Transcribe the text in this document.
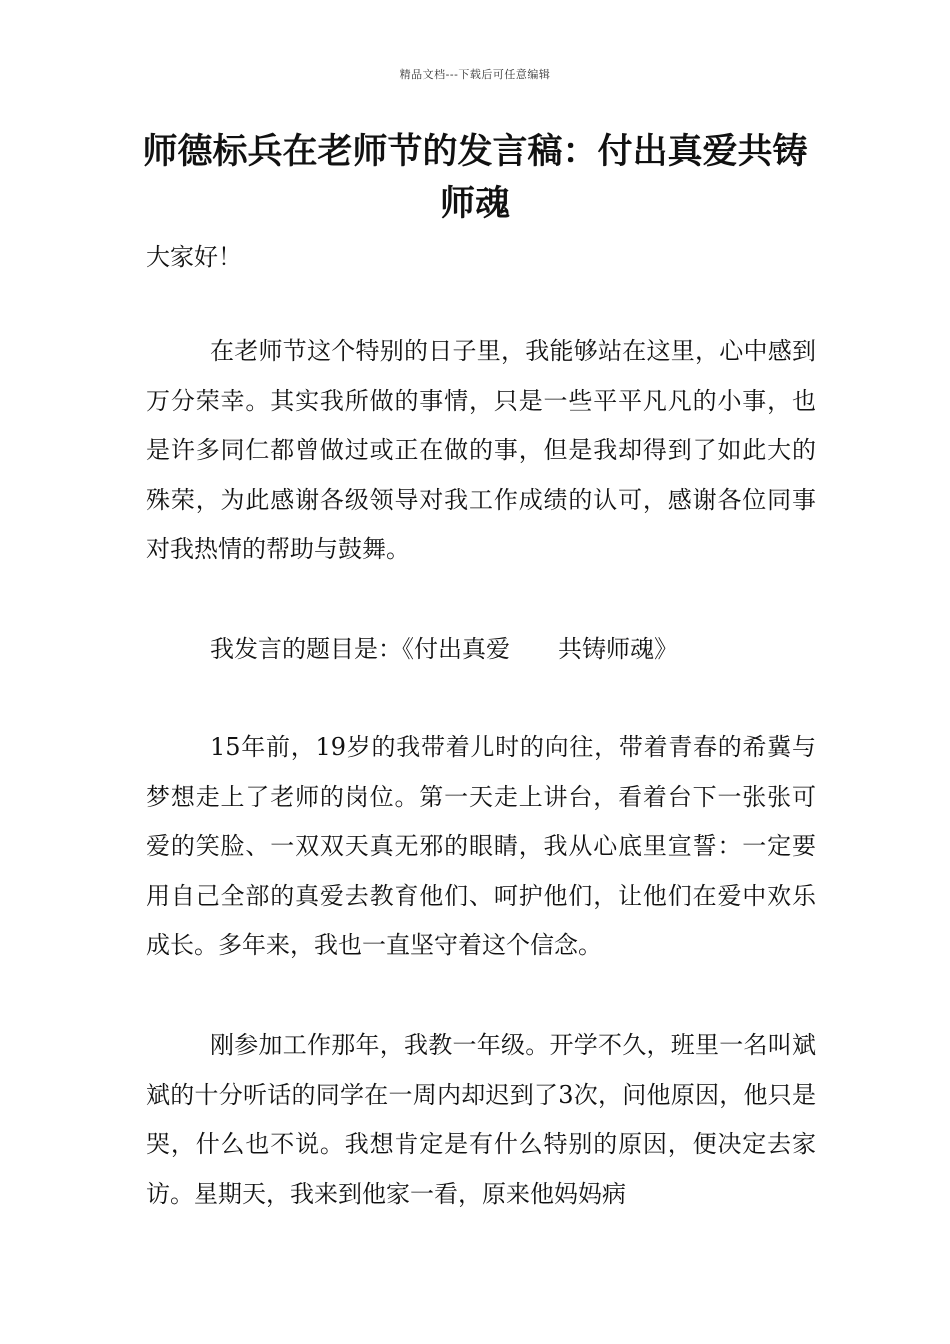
精品文档---下载后可任意编辑
师德标兵在老师节的发言稿：付出真爱共铸师魂

大家好！

在老师节这个特别的日子里，我能够站在这里，心中感到万分荣幸。其实我所做的事情，只是一些平平凡凡的小事，也是许多同仁都曾做过或正在做的事，但是我却得到了如此大的殊荣，为此感谢各级领导对我工作成绩的认可，感谢各位同事对我热情的帮助与鼓舞。

我发言的题目是：《付出真爱　　共铸师魂》

15年前，19岁的我带着儿时的向往，带着青春的希冀与梦想走上了老师的岗位。第一天走上讲台，看着台下一张张可爱的笑脸、一双双天真无邪的眼睛，我从心底里宣誓：一定要用自己全部的真爱去教育他们、呵护他们，让他们在爱中欢乐成长。多年来，我也一直坚守着这个信念。

刚参加工作那年，我教一年级。开学不久，班里一名叫斌斌的十分听话的同学在一周内却迟到了3次，问他原因，他只是哭，什么也不说。我想肯定是有什么特别的原因，便决定去家访。星期天，我来到他家一看，原来他妈妈病
